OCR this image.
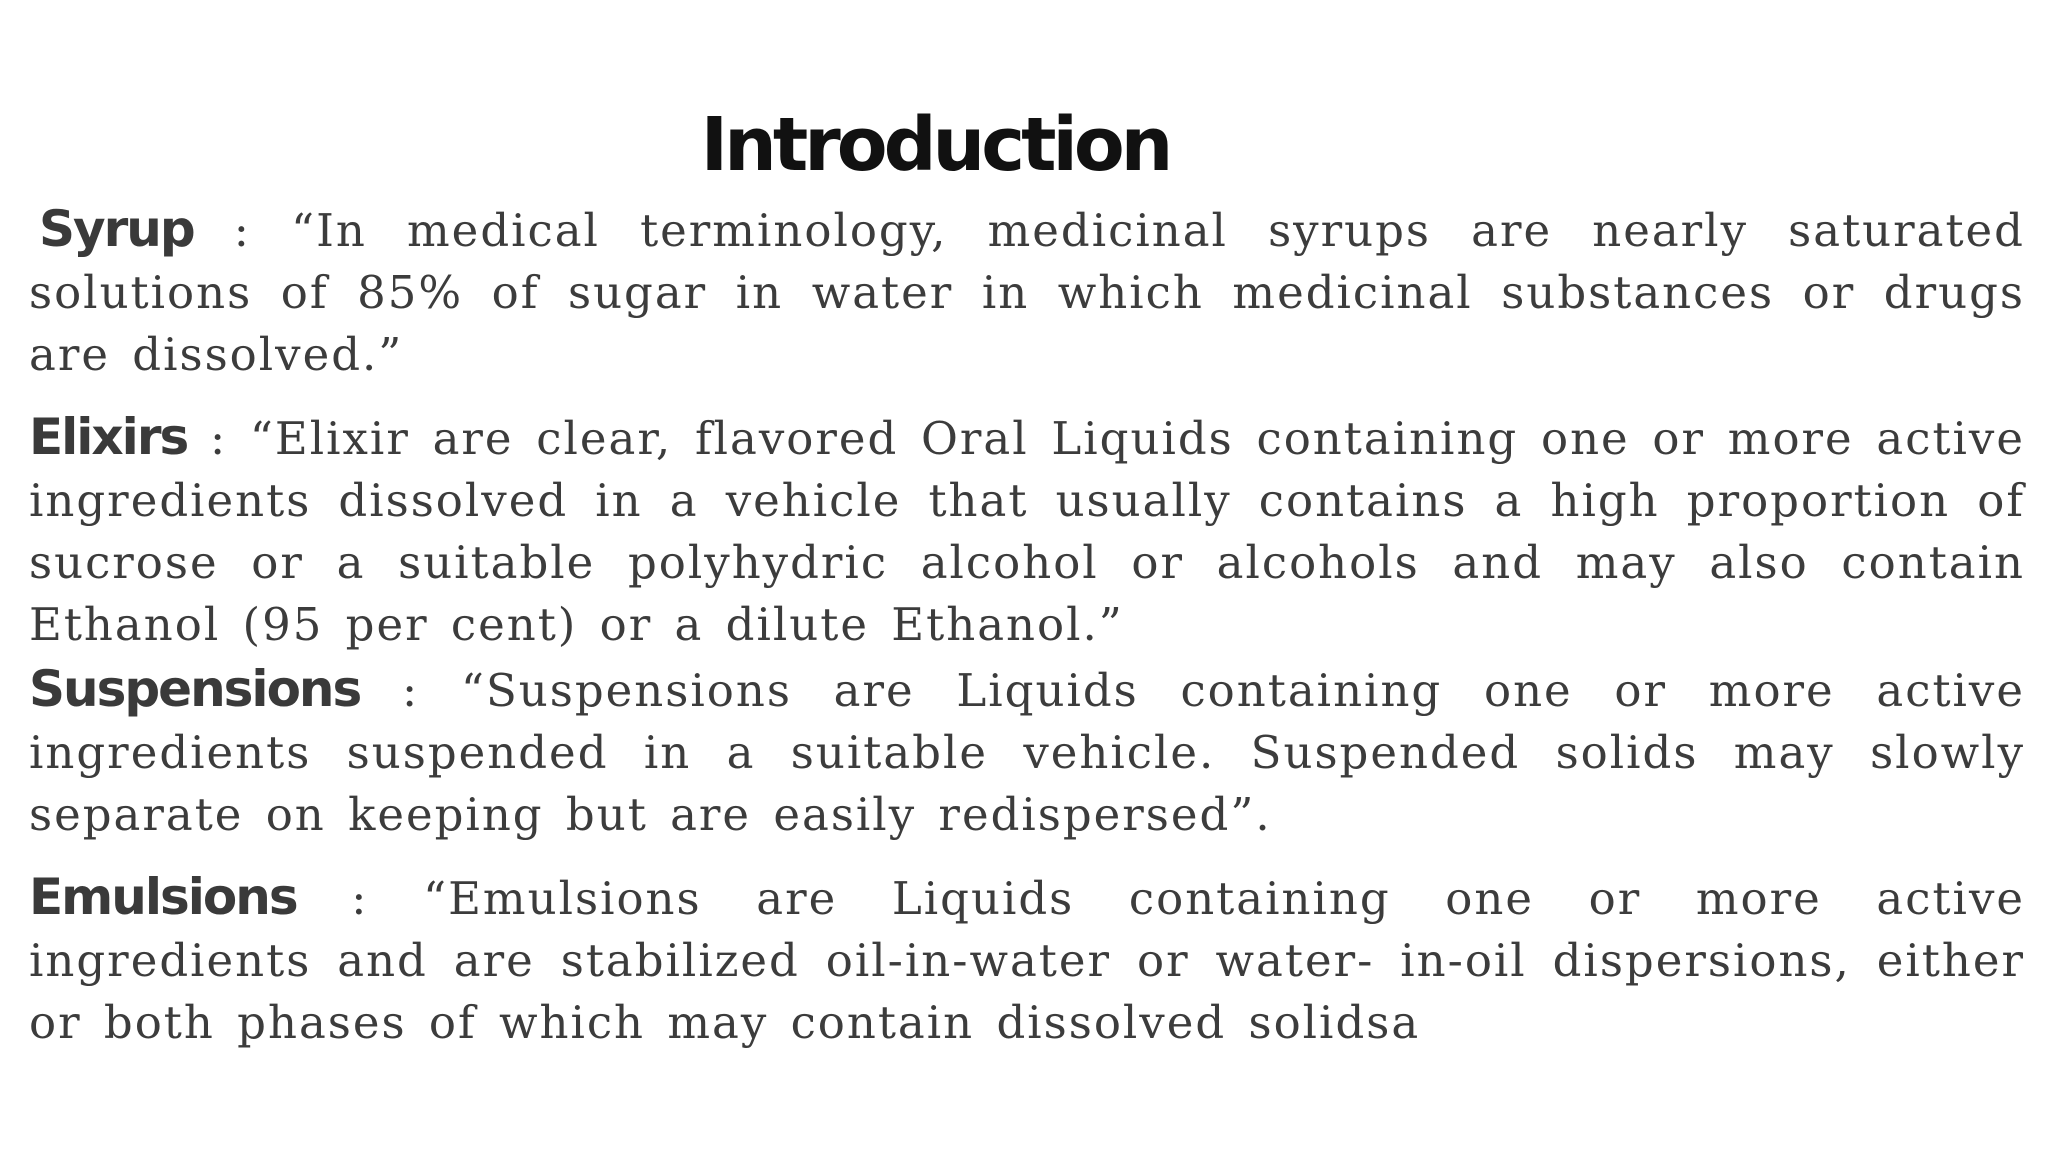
Introduction

Syrup : “In medical terminology, medicinal syrups are nearly saturated solutions of 85% of sugar in water in which medicinal substances or drugs are dissolved.”

Elixirs : “Elixir are clear, flavored Oral Liquids containing one or more active ingredients dissolved in a vehicle that usually contains a high proportion of sucrose or a suitable polyhydric alcohol or alcohols and may also contain Ethanol (95 per cent) or a dilute Ethanol.”

Suspensions : “Suspensions are Liquids containing one or more active ingredients suspended in a suitable vehicle. Suspended solids may slowly separate on keeping but are easily redispersed”.

Emulsions : “Emulsions are Liquids containing one or more active ingredients and are stabilized oil-in-water or water- in-oil dispersions, either or both phases of which may contain dissolved solidsa
